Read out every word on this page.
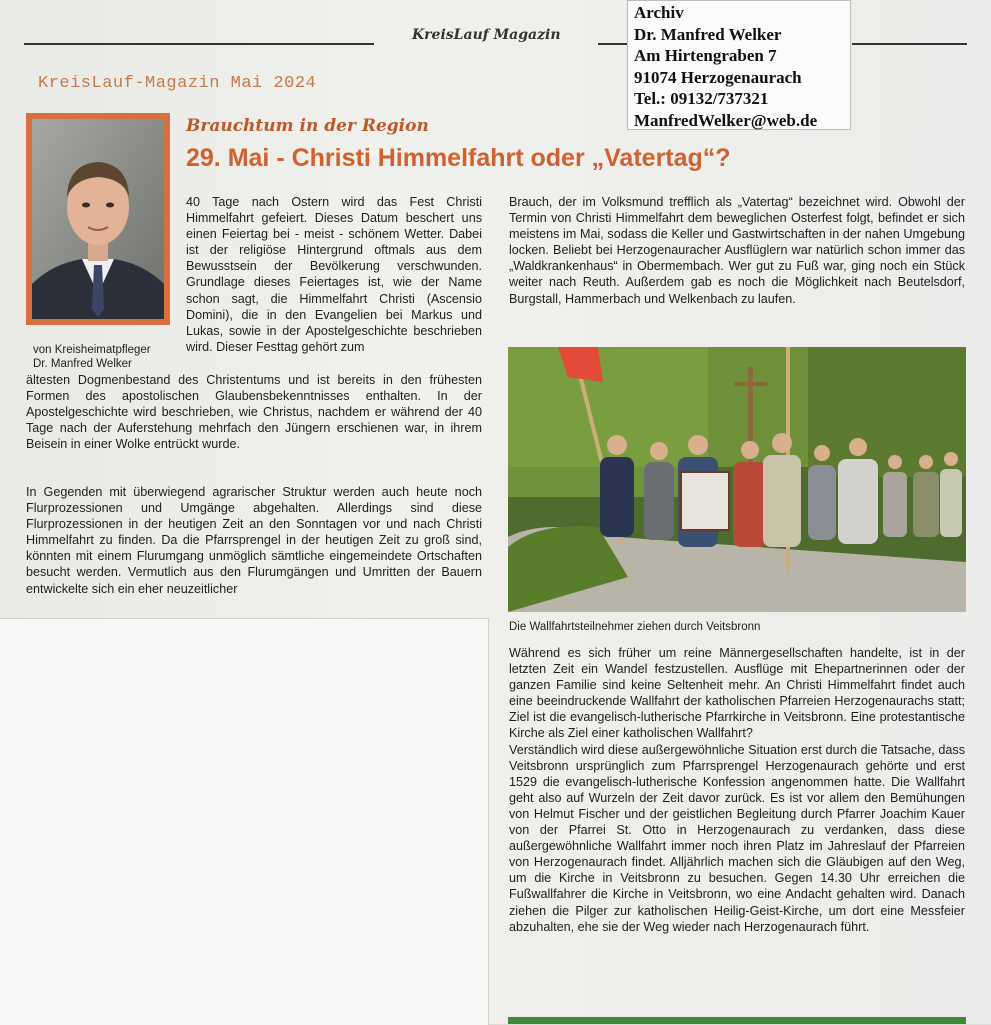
KreisLauf Magazin
Archiv
Dr. Manfred Welker
Am Hirtengraben 7
91074 Herzogenaurach
Tel.: 09132/737321
ManfredWelker@web.de
KreisLauf-Magazin Mai 2024
von Kreisheimatpfleger
Dr. Manfred Welker
Brauchtum in der Region
29. Mai - Christi Himmelfahrt oder „Vatertag“?

40 Tage nach Ostern wird das Fest Christi Himmelfahrt gefeiert. Dieses Datum beschert uns einen Feiertag bei - meist - schönem Wetter. Dabei ist der religiöse Hintergrund oftmals aus dem Bewusstsein der Bevölkerung verschwunden. Grundlage dieses Feiertages ist, wie der Name schon sagt, die Himmelfahrt Christi (Ascensio Domini), die in den Evangelien bei Markus und Lukas, sowie in der Apostelgeschichte beschrieben wird. Dieser Festtag gehört zum

ältesten Dogmenbestand des Christentums und ist bereits in den frühesten Formen des apostolischen Glaubensbekenntnisses enthalten. In der Apostelgeschichte wird beschrieben, wie Christus, nachdem er während der 40 Tage nach der Auferstehung mehrfach den Jüngern erschienen war, in ihrem Beisein in einer Wolke entrückt wurde.

In Gegenden mit überwiegend agrarischer Struktur werden auch heute noch Flurprozessionen und Umgänge abgehalten. Allerdings sind diese Flurprozessionen in der heutigen Zeit an den Sonntagen vor und nach Christi Himmelfahrt zu finden. Da die Pfarrsprengel in der heutigen Zeit zu groß sind, könnten mit einem Flurumgang unmöglich sämtliche eingemeindete Ortschaften besucht werden. Vermutlich aus den Flurumgängen und Umritten der Bauern entwickelte sich ein eher neuzeitlicher

Brauch, der im Volksmund trefflich als „Vatertag“ bezeichnet wird. Obwohl der Termin von Christi Himmelfahrt dem beweglichen Osterfest folgt, befindet er sich meistens im Mai, sodass die Keller und Gastwirtschaften in der nahen Umgebung locken. Beliebt bei Herzogenauracher Ausflüglern war natürlich schon immer das „Waldkrankenhaus“ in Obermembach. Wer gut zu Fuß war, ging noch ein Stück weiter nach Reuth. Außerdem gab es noch die Möglichkeit nach Beutelsdorf, Burgstall, Hammerbach und Welkenbach zu laufen.

Die Wallfahrtsteilnehmer ziehen durch Veitsbronn

Während es sich früher um reine Männergesellschaften handelte, ist in der letzten Zeit ein Wandel festzustellen. Ausflüge mit Ehepartnerinnen oder der ganzen Familie sind keine Seltenheit mehr. An Christi Himmelfahrt findet auch eine beeindruckende Wallfahrt der katholischen Pfarreien Herzogenaurachs statt; Ziel ist die evangelisch-lutherische Pfarrkirche in Veitsbronn. Eine protestantische Kirche als Ziel einer katholischen Wallfahrt?

Verständlich wird diese außergewöhnliche Situation erst durch die Tatsache, dass Veitsbronn ursprünglich zum Pfarrsprengel Herzogenaurach gehörte und erst 1529 die evangelisch-lutherische Konfession angenommen hatte. Die Wallfahrt geht also auf Wurzeln der Zeit davor zurück. Es ist vor allem den Bemühungen von Helmut Fischer und der geistlichen Begleitung durch Pfarrer Joachim Kauer von der Pfarrei St. Otto in Herzogenaurach zu verdanken, dass diese außergewöhnliche Wallfahrt immer noch ihren Platz im Jahreslauf der Pfarreien von Herzogenaurach findet. Alljährlich machen sich die Gläubigen auf den Weg, um die Kirche in Veitsbronn zu besuchen. Gegen 14.30 Uhr erreichen die Fußwallfahrer die Kirche in Veitsbronn, wo eine Andacht gehalten wird. Danach ziehen die Pilger zur katholischen Heilig-Geist-Kirche, um dort eine Messfeier abzuhalten, ehe sie der Weg wieder nach Herzogenaurach führt.
